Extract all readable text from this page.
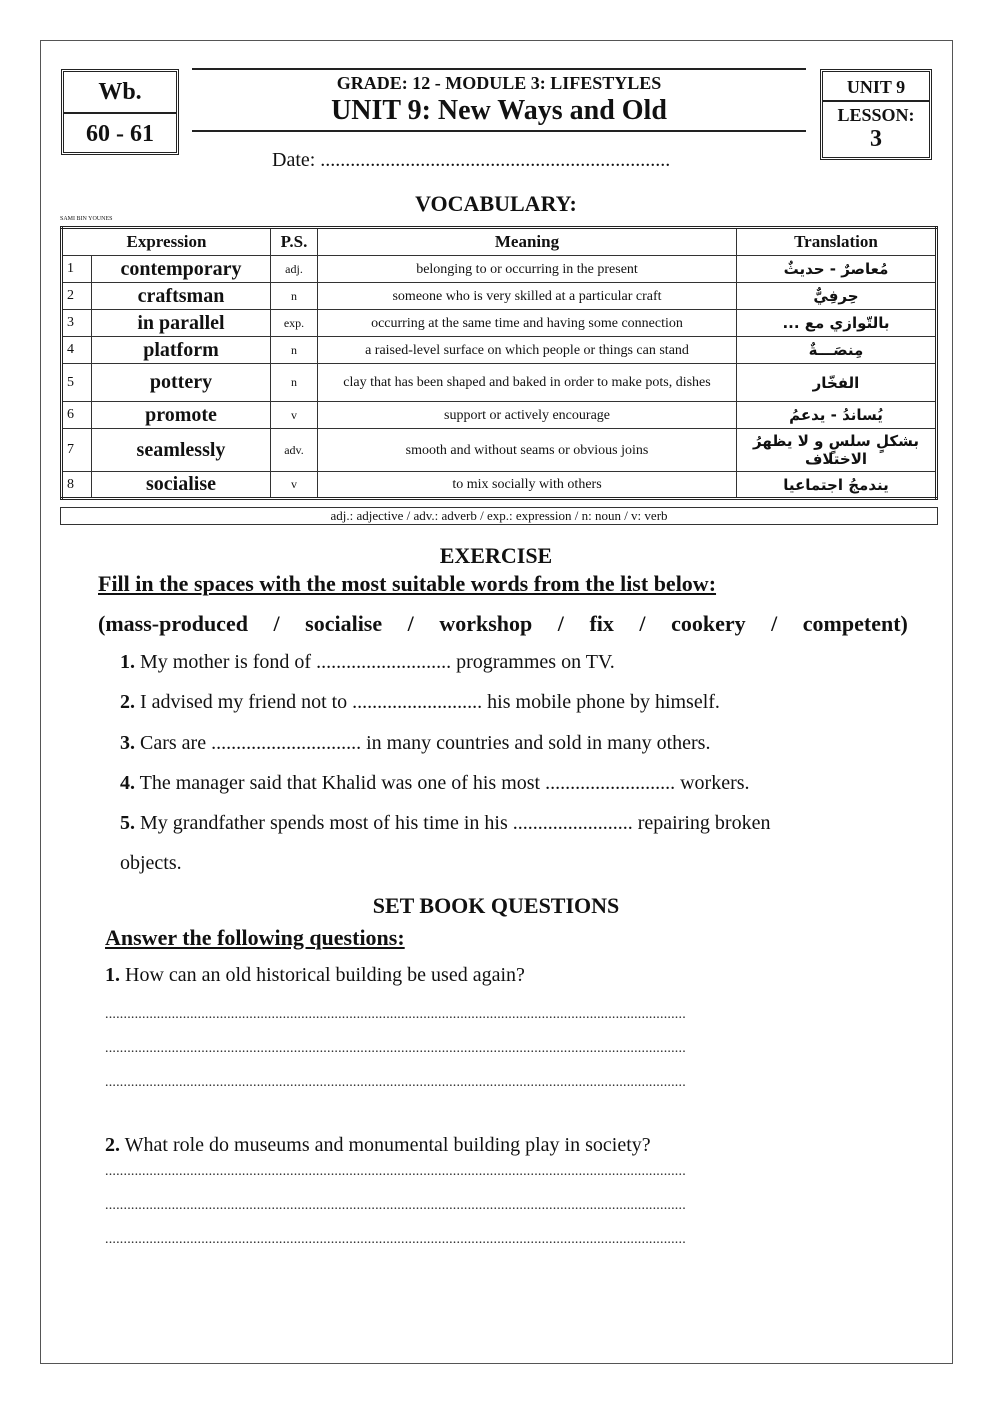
Wb.
60 - 61
GRADE: 12 - MODULE 3: LIFESTYLES
UNIT 9: New Ways and Old
UNIT 9
LESSON:
3
Date: ......................................................................
VOCABULARY:
SAMI BIN YOUNES
Expression		P.S.	Meaning	Translation
1	contemporary	adj.	belonging to or occurring in the present	مُعاصرٌ - حديثٌ
2	craftsman	n	someone who is very skilled at a particular craft	حِرفِيٌّ
3	in parallel	exp.	occurring at the same time and having some connection	بالتّوازي مع ...
4	platform	n	a raised-level surface on which people or things can stand	مِنصَـــةٌ
5	pottery	n	clay that has been shaped and baked in order to make pots, dishes	الفخّار
6	promote	v	support or actively encourage	يُساندُ - يدعمُ
7	seamlessly	adv.	smooth and without seams or obvious joins	بشكلٍ سلسٍ و لا يظهرُ الاختلاف
8	socialise	v	to mix socially with others	يندمجُ اجتماعيا
adj.: adjective / adv.: adverb / exp.: expression / n: noun / v: verb
EXERCISE
Fill in the spaces with the most suitable words from the list below:
(mass-produced / socialise / workshop / fix / cookery / competent)
1. My mother is fond of ........................... programmes on TV.
2. I advised my friend not to .......................... his mobile phone by himself.
3. Cars are .............................. in many countries and sold in many others.
4. The manager said that Khalid was one of his most .......................... workers.
5. My grandfather spends most of his time in his ........................ repairing broken
objects.
SET BOOK QUESTIONS
Answer the following questions:
1. How can an old historical building be used again?
.............................................................................................................................................................
.............................................................................................................................................................
.............................................................................................................................................................
2. What role do museums and monumental building play in society?
.............................................................................................................................................................
.............................................................................................................................................................
.............................................................................................................................................................
